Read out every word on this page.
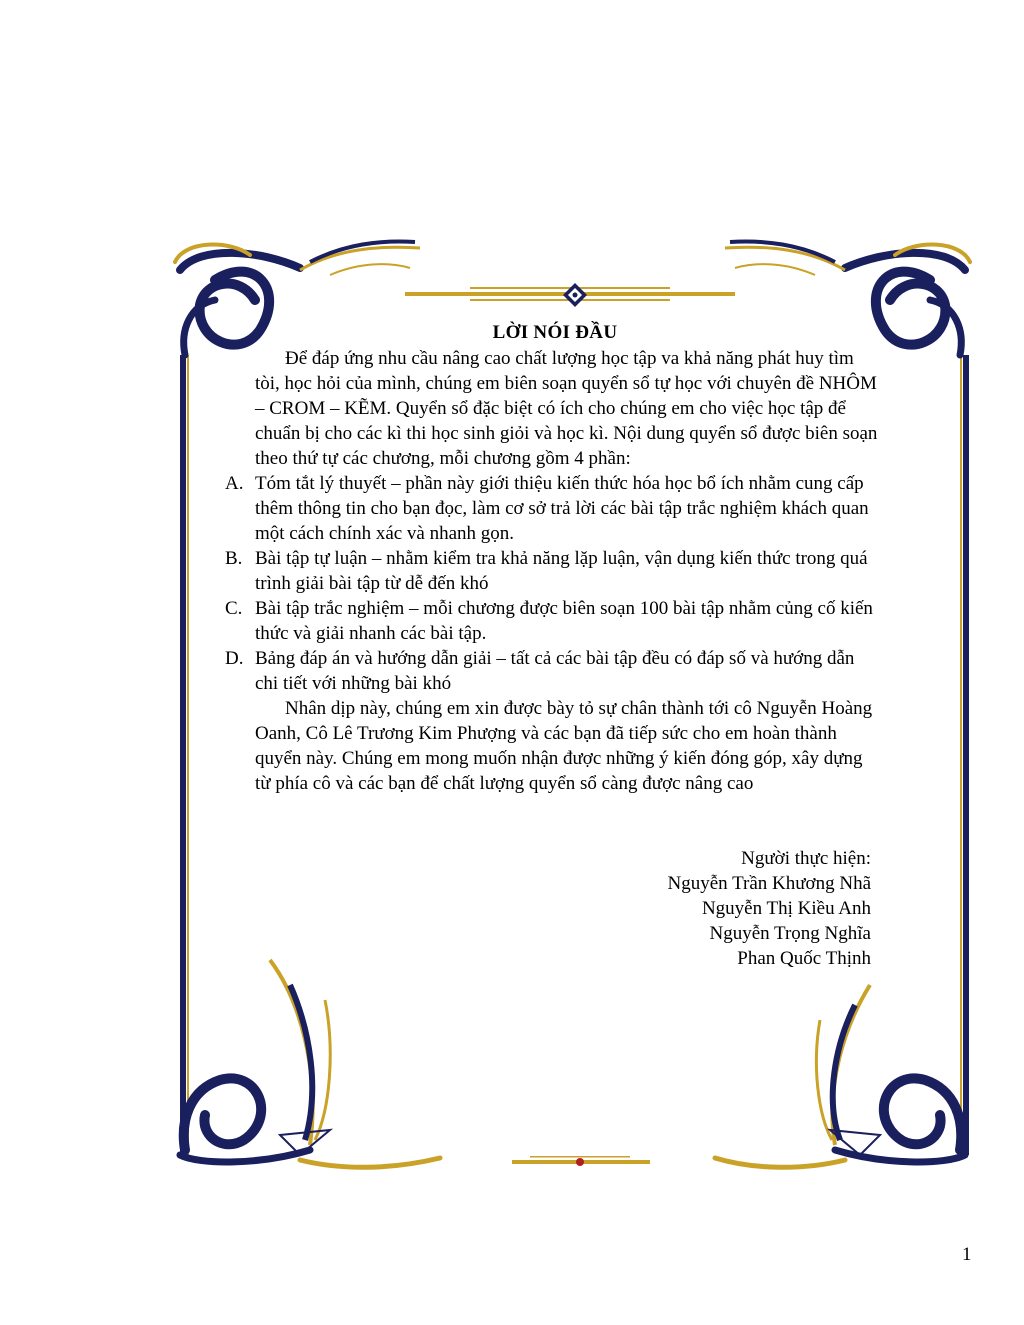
LỜI NÓI ĐẦU

Để đáp ứng nhu cầu nâng cao chất lượng học tập va khả năng phát huy tìm tòi, học hỏi của mình, chúng em biên soạn quyển sổ tự học với chuyên đề NHÔM – CROM – KẼM. Quyển sổ đặc biệt có ích cho chúng em cho việc học tập để chuẩn bị cho các kì thi học sinh giỏi và học kì. Nội dung quyển sổ được biên soạn theo thứ tự các chương, mỗi chương gồm 4 phần:

A. Tóm tắt lý thuyết – phần này giới thiệu kiến thức hóa học bổ ích nhằm cung cấp thêm thông tin cho bạn đọc, làm cơ sở trả lời các bài tập trắc nghiệm khách quan một cách chính xác và nhanh gọn.
B. Bài tập tự luận – nhằm kiểm tra khả năng lặp luận, vận dụng kiến thức trong quá trình giải bài tập từ dễ đến khó
C. Bài tập trắc nghiệm – mỗi chương được biên soạn 100 bài tập nhằm củng cố kiến thức và giải nhanh các bài tập.
D. Bảng đáp án và hướng dẫn giải – tất cả các bài tập đều có đáp số và hướng dẫn chi tiết với những bài khó

Nhân dịp này, chúng em xin được bày tỏ sự chân thành tới cô Nguyễn Hoàng Oanh, Cô Lê Trương Kim Phượng và các bạn đã tiếp sức cho em hoàn thành quyển này. Chúng em mong muốn nhận được những ý kiến đóng góp, xây dựng từ phía cô và các bạn để chất lượng quyển sổ càng được nâng cao

Người thực hiện:
Nguyễn Trần Khương Nhã
Nguyễn Thị Kiều Anh
Nguyễn Trọng Nghĩa
Phan Quốc Thịnh
1
